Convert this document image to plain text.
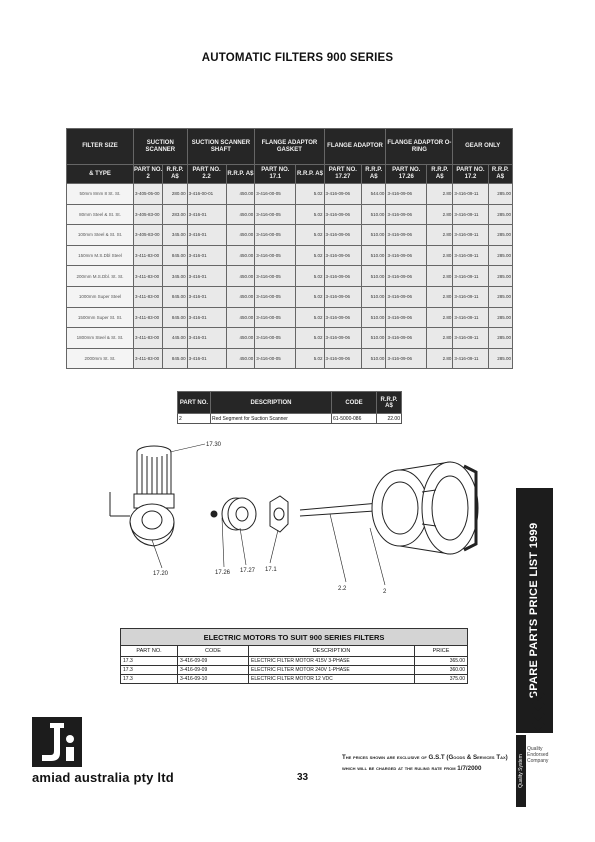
AUTOMATIC FILTERS 900 SERIES
FILTER SIZE	SUCTION SCANNER		SUCTION SCANNER SHAFT		FLANGE ADAPTOR GASKET		FLANGE ADAPTOR		FLANGE ADAPTOR O-RING		GEAR ONLY	
& TYPE	PART NO. 2	R.R.P. A$	PART NO. 2.2	R.R.P. A$	PART NO. 17.1	R.R.P. A$	PART NO. 17.27	R.R.P. A$	PART NO. 17.26	R.R.P. A$	PART NO. 17.2	R.R.P. A$
50mm 8mm 8 St. St.	3-405-05-00	280.00	3-416-00-01	450.00	3-416-00-05	5.02	3-416-09-06	544.00	3-416-09-06	2.80	3-416-09-11	285.00
80mm Steel & St. St.	3-405-83-00	283.00	3-416-01	450.00	3-416-00-05	5.02	3-416-09-06	510.00	3-416-09-06	2.80	3-416-09-11	285.00
100mm Steel & St. St.	3-405-83-00	345.00	3-416-01	450.00	3-416-00-05	5.02	3-416-09-06	510.00	3-416-09-06	2.80	3-416-09-11	285.00
150mm M.S.Dbl Steel	3-411-83-00	845.00	3-416-01	450.00	3-416-00-05	5.02	3-416-09-06	510.00	3-416-09-06	2.80	3-416-09-11	285.00
200mm M.S.Dbl. St. St.	3-411-83-00	345.00	3-416-01	450.00	3-416-00-05	5.02	3-416-09-06	510.00	3-416-09-06	2.80	3-416-09-11	285.00
1000mm Super Steel	3-411-83-00	845.00	3-416-01	450.00	3-416-00-05	5.02	3-416-09-06	510.00	3-416-09-06	2.80	3-416-09-11	285.00
1500mm Super St. St.	3-411-83-00	845.00	3-416-01	450.00	3-416-00-05	5.02	3-416-09-06	510.00	3-416-09-06	2.80	3-416-09-11	285.00
1800mm Steel & St. St.	3-411-83-00	445.00	3-416-01	450.00	3-416-00-05	5.02	3-416-09-06	510.00	3-416-09-06	2.80	3-416-09-11	285.00
2000mm St. St.	3-411-83-00	845.00	3-416-01	450.00	3-416-00-05	5.02	3-416-09-06	510.00	3-416-09-06	2.80	3-416-09-11	285.00
PART NO.	DESCRIPTION	CODE	R.R.P. A$
2	Red Segment for Suction Scanner	61-5000-086	22.00
17.30
17.20	17.26 17.27 17.1
2.2	2
ELECTRIC MOTORS TO SUIT 900 SERIES FILTERS			
PART NO.	CODE	DESCRIPTION	PRICE
17.3	3-416-09-09	ELECTRIC FILTER MOTOR 415V 3-PHASE	365.00
17.3	3-416-09-09	ELECTRIC FILTER MOTOR 240V 1-PHASE	360.00
17.3	3-416-09-10	ELECTRIC FILTER MOTOR 12 VDC	375.00	SPARE PARTS PRICE LIST 1999
Quality System
Quality Endorsed Company
amiad australia pty ltd	33
The prices shown are exclusive of G.S.T (Goods & Services Tax) which will be charged at the ruling rate from 1/7/2000
